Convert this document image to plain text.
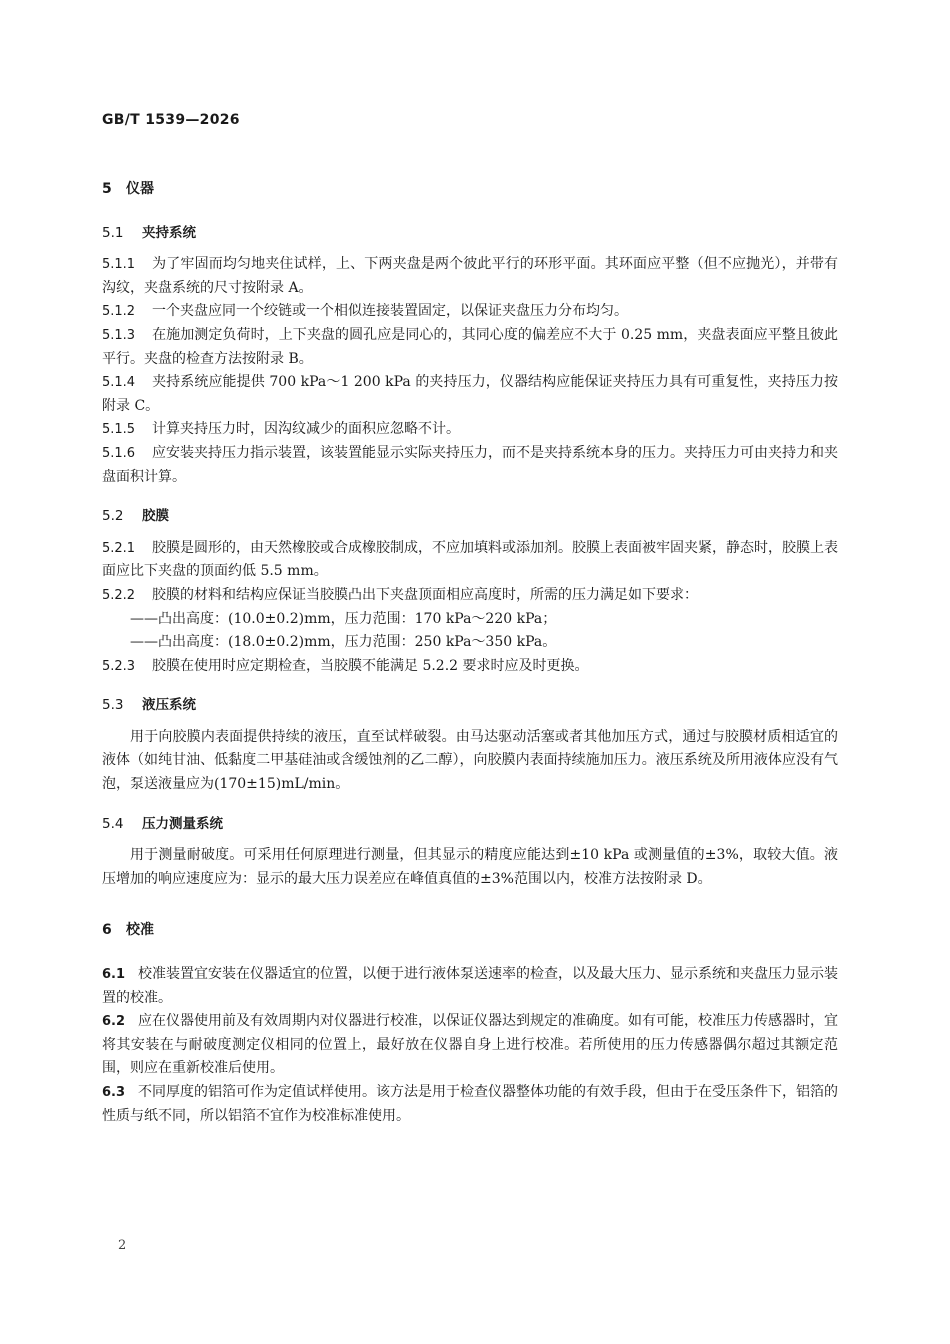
GB/T 1539—2026
5 仪器
5.1 夹持系统

5.1.1 为了牢固而均匀地夹住试样，上、下两夹盘是两个彼此平行的环形平面。其环面应平整（但不应抛光），并带有沟纹，夹盘系统的尺寸按附录 A。

5.1.2 一个夹盘应同一个绞链或一个相似连接装置固定，以保证夹盘压力分布均匀。

5.1.3 在施加测定负荷时，上下夹盘的圆孔应是同心的，其同心度的偏差应不大于 0.25 mm，夹盘表面应平整且彼此平行。夹盘的检查方法按附录 B。

5.1.4 夹持系统应能提供 700 kPa～1 200 kPa 的夹持压力，仪器结构应能保证夹持压力具有可重复性，夹持压力按附录 C。

5.1.5 计算夹持压力时，因沟纹减少的面积应忽略不计。

5.1.6 应安装夹持压力指示装置，该装置能显示实际夹持压力，而不是夹持系统本身的压力。夹持压力可由夹持力和夹盘面积计算。

5.2 胶膜

5.2.1 胶膜是圆形的，由天然橡胶或合成橡胶制成，不应加填料或添加剂。胶膜上表面被牢固夹紧，静态时，胶膜上表面应比下夹盘的顶面约低 5.5 mm。

5.2.2 胶膜的材料和结构应保证当胶膜凸出下夹盘顶面相应高度时，所需的压力满足如下要求：

——凸出高度：(10.0±0.2)mm，压力范围：170 kPa～220 kPa；

——凸出高度：(18.0±0.2)mm，压力范围：250 kPa～350 kPa。

5.2.3 胶膜在使用时应定期检查，当胶膜不能满足 5.2.2 要求时应及时更换。

5.3 液压系统

用于向胶膜内表面提供持续的液压，直至试样破裂。由马达驱动活塞或者其他加压方式，通过与胶膜材质相适宜的液体（如纯甘油、低黏度二甲基硅油或含缓蚀剂的乙二醇），向胶膜内表面持续施加压力。液压系统及所用液体应没有气泡，泵送液量应为(170±15)mL/min。

5.4 压力测量系统

用于测量耐破度。可采用任何原理进行测量，但其显示的精度应能达到±10 kPa 或测量值的±3%，取较大值。液压增加的响应速度应为：显示的最大压力误差应在峰值真值的±3%范围以内，校准方法按附录 D。

6 校准

6.1 校准装置宜安装在仪器适宜的位置，以便于进行液体泵送速率的检查，以及最大压力、显示系统和夹盘压力显示装置的校准。

6.2 应在仪器使用前及有效周期内对仪器进行校准，以保证仪器达到规定的准确度。如有可能，校准压力传感器时，宜将其安装在与耐破度测定仪相同的位置上，最好放在仪器自身上进行校准。若所使用的压力传感器偶尔超过其额定范围，则应在重新校准后使用。

6.3 不同厚度的铝箔可作为定值试样使用。该方法是用于检查仪器整体功能的有效手段，但由于在受压条件下，铝箔的性质与纸不同，所以铝箔不宜作为校准标准使用。

2
